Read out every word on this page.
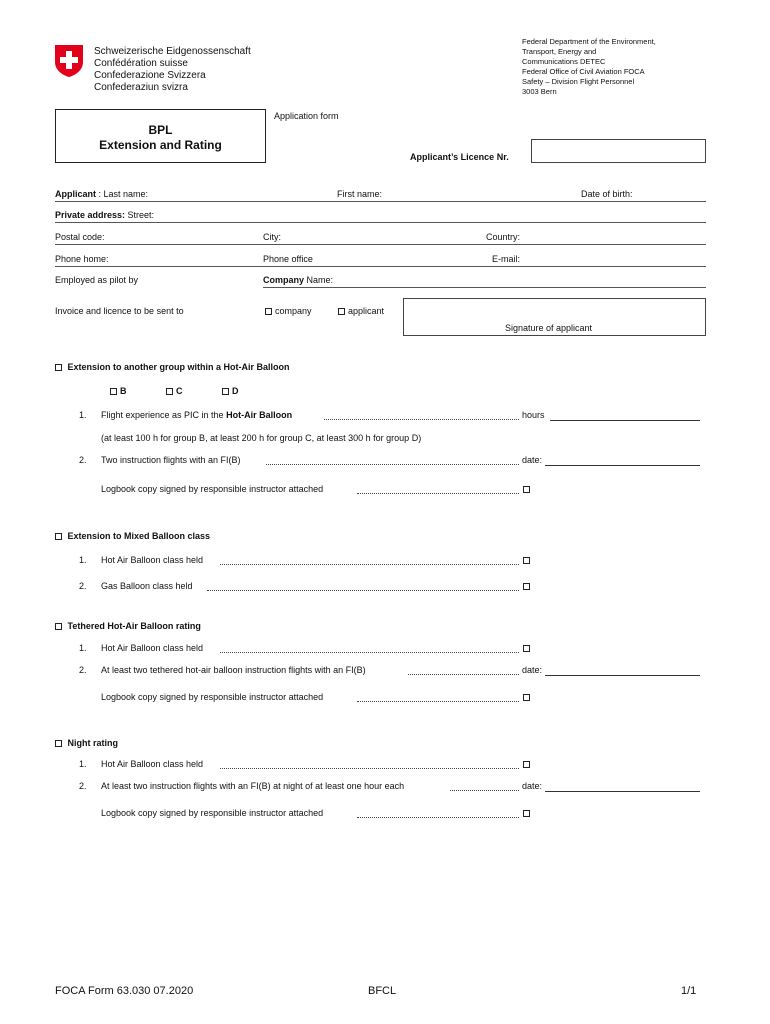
Schweizerische Eidgenossenschaft
Confédération suisse
Confederazione Svizzera
Confederaziun svizra
Federal Department of the Environment,
Transport, Energy and
Communications DETEC
Federal Office of Civil Aviation FOCA
Safety – Division Flight Personnel
3003 Bern
Application form
BPL
Extension and Rating
Applicant’s Licence Nr.
Applicant : Last name:	First name:	Date of birth:
Private address: Street:
Postal code:	City:	Country:
Phone home:	Phone office	E-mail:
Employed as pilot by	Company Name:
Invoice and licence to be sent to	company	applicant
Signature of applicant
Extension to another group within a Hot-Air Balloon
B	C	D
1. Flight experience as PIC in the Hot-Air Balloon	hours
(at least 100 h for group B, at least 200 h for group C, at least 300 h for group D)
2. Two instruction flights with an FI(B)	date:
Logbook copy signed by responsible instructor attached
Extension to Mixed Balloon class
1. Hot Air Balloon class held
2. Gas Balloon class held
Tethered Hot-Air Balloon rating
1. Hot Air Balloon class held
2. At least two tethered hot-air balloon instruction flights with an FI(B)	date:
Logbook copy signed by responsible instructor attached
Night rating
1. Hot Air Balloon class held
2. At least two instruction flights with an FI(B) at night of at least one hour each	date:
Logbook copy signed by responsible instructor attached
FOCA Form 63.030 07.2020	BFCL	1/1
